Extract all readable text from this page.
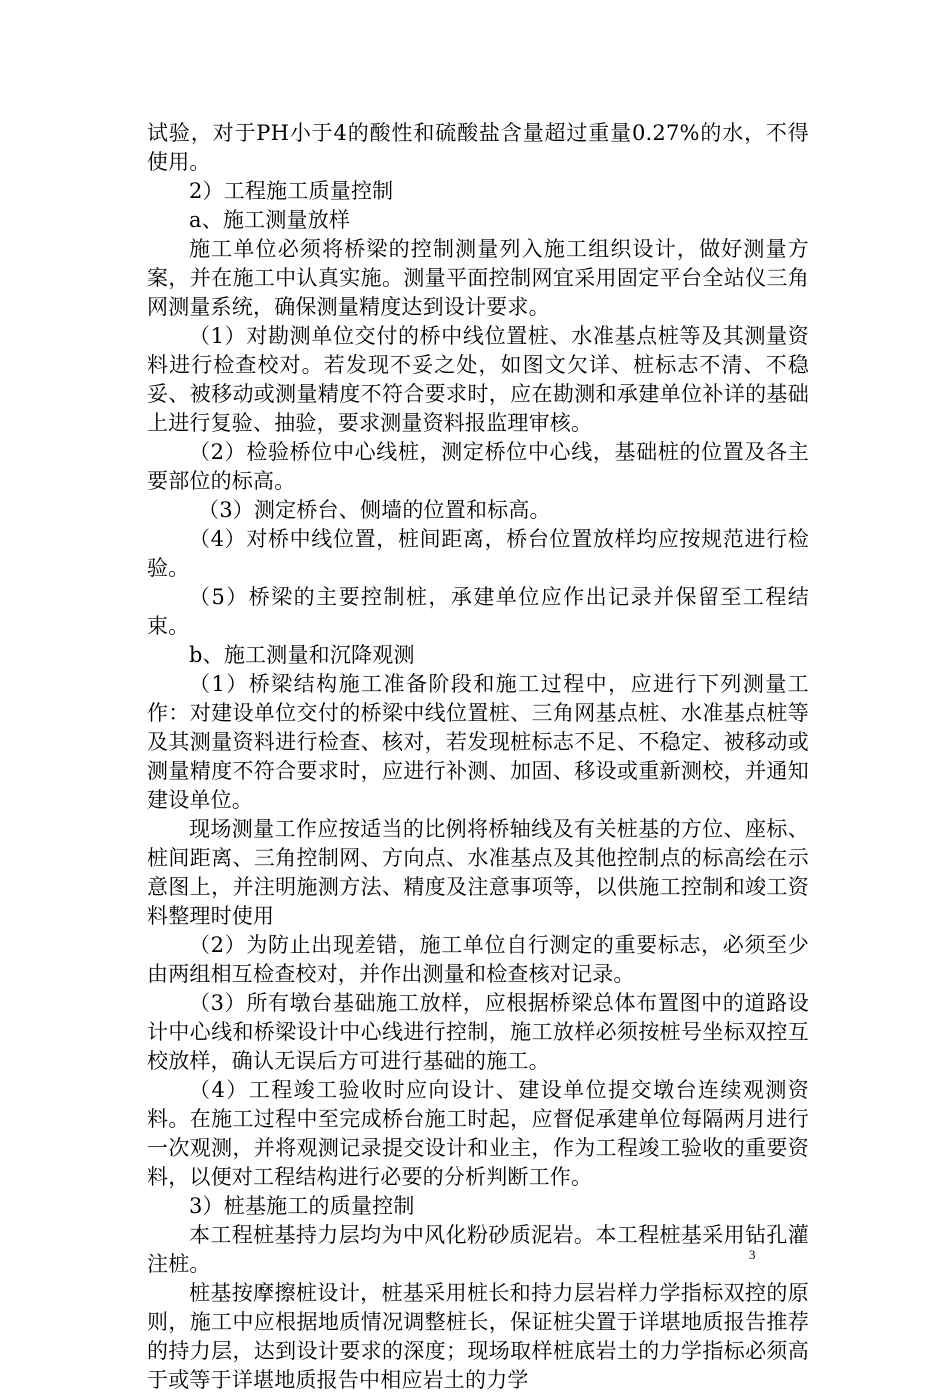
试验，对于PH小于4的酸性和硫酸盐含量超过重量0.27%的水，不得使用。

2）工程施工质量控制

a、施工测量放样

施工单位必须将桥梁的控制测量列入施工组织设计，做好测量方案，并在施工中认真实施。测量平面控制网宜采用固定平台全站仪三角网测量系统，确保测量精度达到设计要求。

（1）对勘测单位交付的桥中线位置桩、水准基点桩等及其测量资料进行检查校对。若发现不妥之处，如图文欠详、桩标志不清、不稳妥、被移动或测量精度不符合要求时，应在勘测和承建单位补详的基础上进行复验、抽验，要求测量资料报监理审核。

（2）检验桥位中心线桩，测定桥位中心线，基础桩的位置及各主要部位的标高。

（3）测定桥台、侧墙的位置和标高。

（4）对桥中线位置，桩间距离，桥台位置放样均应按规范进行检验。

（5）桥梁的主要控制桩，承建单位应作出记录并保留至工程结束。

b、施工测量和沉降观测

（1）桥梁结构施工准备阶段和施工过程中，应进行下列测量工作：对建设单位交付的桥梁中线位置桩、三角网基点桩、水准基点桩等及其测量资料进行检查、核对，若发现桩标志不足、不稳定、被移动或测量精度不符合要求时，应进行补测、加固、移设或重新测校，并通知建设单位。

现场测量工作应按适当的比例将桥轴线及有关桩基的方位、座标、桩间距离、三角控制网、方向点、水准基点及其他控制点的标高绘在示意图上，并注明施测方法、精度及注意事项等，以供施工控制和竣工资料整理时使用

（2）为防止出现差错，施工单位自行测定的重要标志，必须至少由两组相互检查校对，并作出测量和检查核对记录。

（3）所有墩台基础施工放样，应根据桥梁总体布置图中的道路设计中心线和桥梁设计中心线进行控制，施工放样必须按桩号坐标双控互校放样，确认无误后方可进行基础的施工。

（4）工程竣工验收时应向设计、建设单位提交墩台连续观测资料。在施工过程中至完成桥台施工时起，应督促承建单位每隔两月进行一次观测，并将观测记录提交设计和业主，作为工程竣工验收的重要资料，以便对工程结构进行必要的分析判断工作。

3）桩基施工的质量控制

本工程桩基持力层均为中风化粉砂质泥岩。本工程桩基采用钻孔灌注桩。

桩基按摩擦桩设计，桩基采用桩长和持力层岩样力学指标双控的原则，施工中应根据地质情况调整桩长，保证桩尖置于详堪地质报告推荐的持力层，达到设计要求的深度；现场取样桩底岩土的力学指标必须高于或等于详堪地质报告中相应岩土的力学

3
